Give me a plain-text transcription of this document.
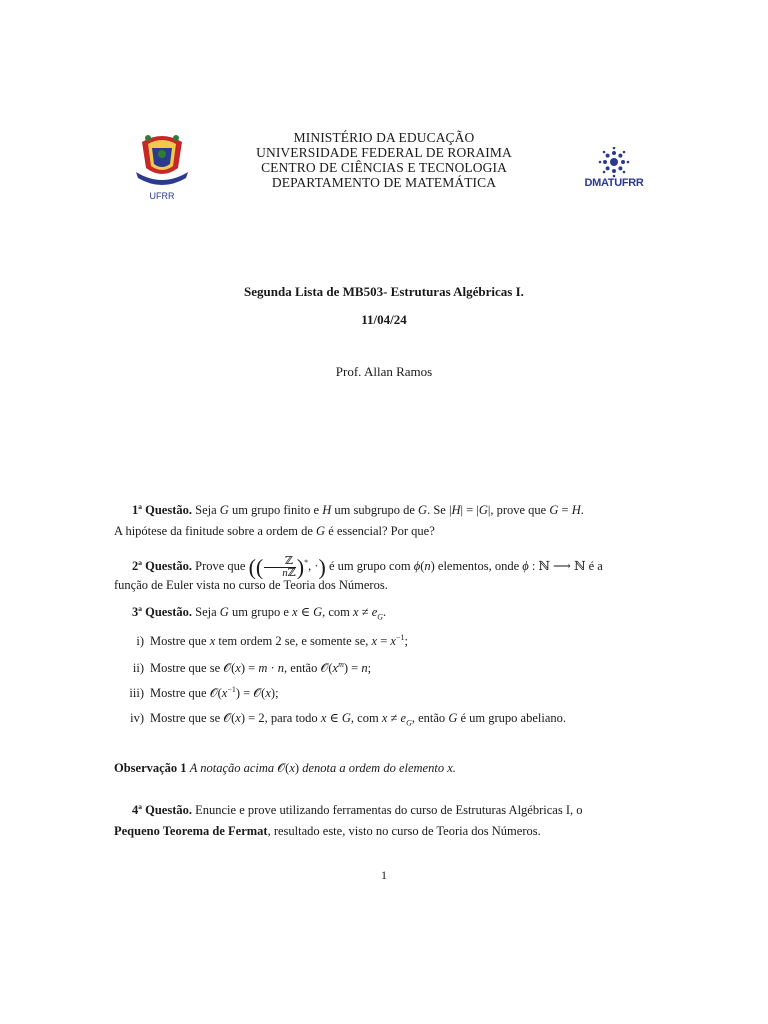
UFRR
MINISTÉRIO DA EDUCAÇÃO
UNIVERSIDADE FEDERAL DE RORAIMA
CENTRO DE CIÊNCIAS E TECNOLOGIA
DEPARTAMENTO DE MATEMÁTICA	DMATUFRR
Segunda Lista de MB503- Estruturas Algébricas I.
11/04/24
Prof. Allan Ramos
1ª Questão. Seja G um grupo finito e H um subgrupo de G. Se |H| = |G|, prove que G = H.
A hipótese da finitude sobre a ordem de G é essencial? Por que?
2ª Questão. Prove que (( $\frac{\text{ℤ}}{\text{nℤ}} )^*$, ·) é um grupo com ϕ(n) elementos, onde ϕ : ℕ ⟶ ℕ é a
função de Euler vista no curso de Teoria dos Números.
3ª Questão. Seja G um grupo e x ∈ G, com $x \ne e_G$.
i) Mostre que x tem ordem 2 se, e somente se, $x = x^{-1}$;
ii) Mostre que se 𝒪(x) = m · n, então $𝒪(x^m) = n$;
iii) Mostre que $𝒪(x^{-1})$ = 𝒪(x);
iv) Mostre que se 𝒪(x) = 2, para todo x ∈ G, com $x \ne e_G$, então G é um grupo abeliano.
Observação 1 A notação acima 𝒪(x) denota a ordem do elemento x.
4ª Questão. Enuncie e prove utilizando ferramentas do curso de Estruturas Algébricas I, o
Pequeno Teorema de Fermat, resultado este, visto no curso de Teoria dos Números.
1
